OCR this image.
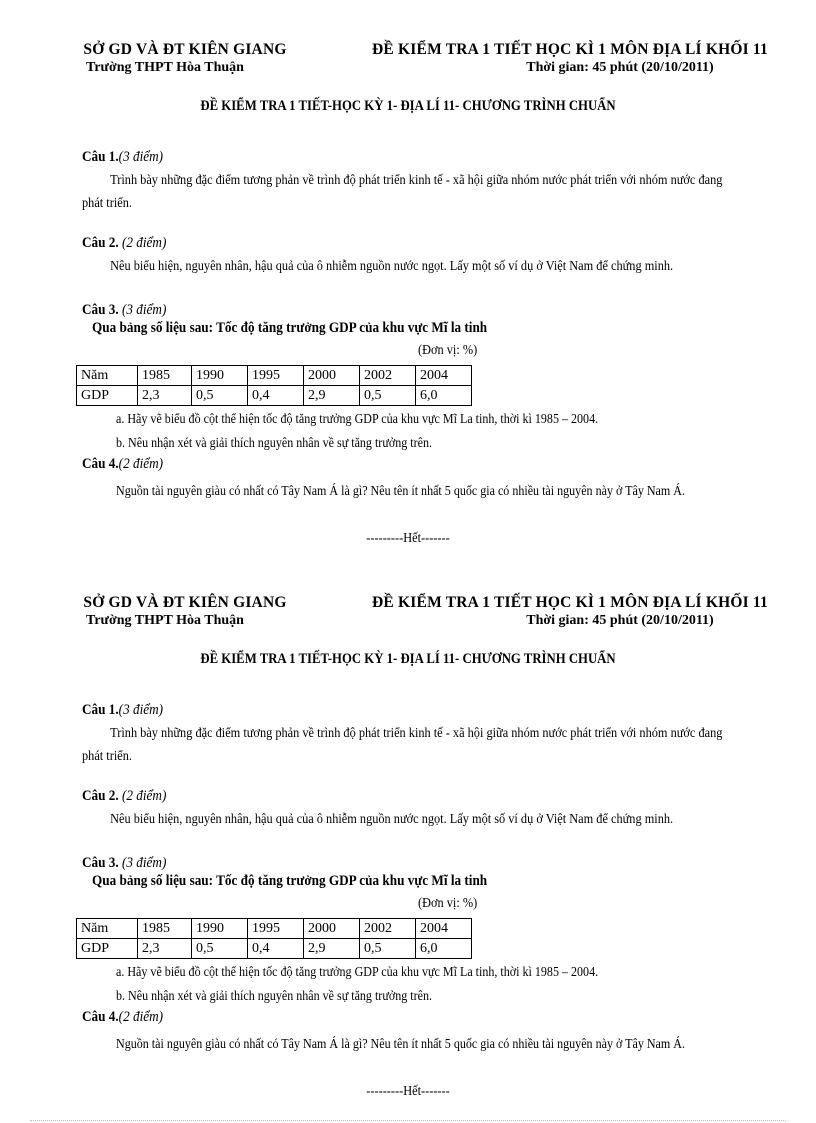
SỞ GD VÀ ĐT KIÊN GIANG
Trường THPT Hòa Thuận
ĐỀ KIỂM TRA 1 TIẾT HỌC KÌ 1 MÔN ĐỊA LÍ KHỐI 11
Thời gian: 45 phút (20/10/2011)
ĐỀ KIỂM TRA 1 TIẾT-HỌC KỲ 1- ĐỊA LÍ 11- CHƯƠNG TRÌNH CHUẨN
Câu 1.(3 điểm)
Trình bày những đặc điểm tương phản về trình độ phát triển kinh tế - xã hội giữa nhóm nước phát triển với nhóm nước đang phát triển.
Câu 2. (2 điểm)
Nêu biểu hiện, nguyên nhân, hậu quả của ô nhiễm nguồn nước ngọt. Lấy một số ví dụ ở Việt Nam để chứng minh.
Câu 3. (3 điểm)
Qua bảng số liệu sau: Tốc độ tăng trưởng GDP của khu vực Mĩ la tinh
(Đơn vị: %)
Năm	1985	1990	1995	2000	2002	2004
GDP	2,3	0,5	0,4	2,9	0,5	6,0
a. Hãy vẽ biểu đồ cột thể hiện tốc độ tăng trưởng GDP của khu vực Mĩ La tinh, thời kì 1985 – 2004.
b. Nêu nhận xét và giải thích nguyên nhân về sự tăng trưởng trên.
Câu 4.(2 điểm)
Nguồn tài nguyên giàu có nhất có Tây Nam Á là gì? Nêu tên ít nhất 5 quốc gia có nhiều tài nguyên này ở Tây Nam Á.
---------Hết-------
SỞ GD VÀ ĐT KIÊN GIANG
Trường THPT Hòa Thuận
ĐỀ KIỂM TRA 1 TIẾT HỌC KÌ 1 MÔN ĐỊA LÍ KHỐI 11
Thời gian: 45 phút (20/10/2011)
ĐỀ KIỂM TRA 1 TIẾT-HỌC KỲ 1- ĐỊA LÍ 11- CHƯƠNG TRÌNH CHUẨN
Câu 1.(3 điểm)
Trình bày những đặc điểm tương phản về trình độ phát triển kinh tế - xã hội giữa nhóm nước phát triển với nhóm nước đang phát triển.
Câu 2. (2 điểm)
Nêu biểu hiện, nguyên nhân, hậu quả của ô nhiễm nguồn nước ngọt. Lấy một số ví dụ ở Việt Nam để chứng minh.
Câu 3. (3 điểm)
Qua bảng số liệu sau: Tốc độ tăng trưởng GDP của khu vực Mĩ la tinh
(Đơn vị: %)
Năm	1985	1990	1995	2000	2002	2004
GDP	2,3	0,5	0,4	2,9	0,5	6,0
a. Hãy vẽ biểu đồ cột thể hiện tốc độ tăng trưởng GDP của khu vực Mĩ La tinh, thời kì 1985 – 2004.
b. Nêu nhận xét và giải thích nguyên nhân về sự tăng trưởng trên.
Câu 4.(2 điểm)
Nguồn tài nguyên giàu có nhất có Tây Nam Á là gì? Nêu tên ít nhất 5 quốc gia có nhiều tài nguyên này ở Tây Nam Á.
---------Hết-------
